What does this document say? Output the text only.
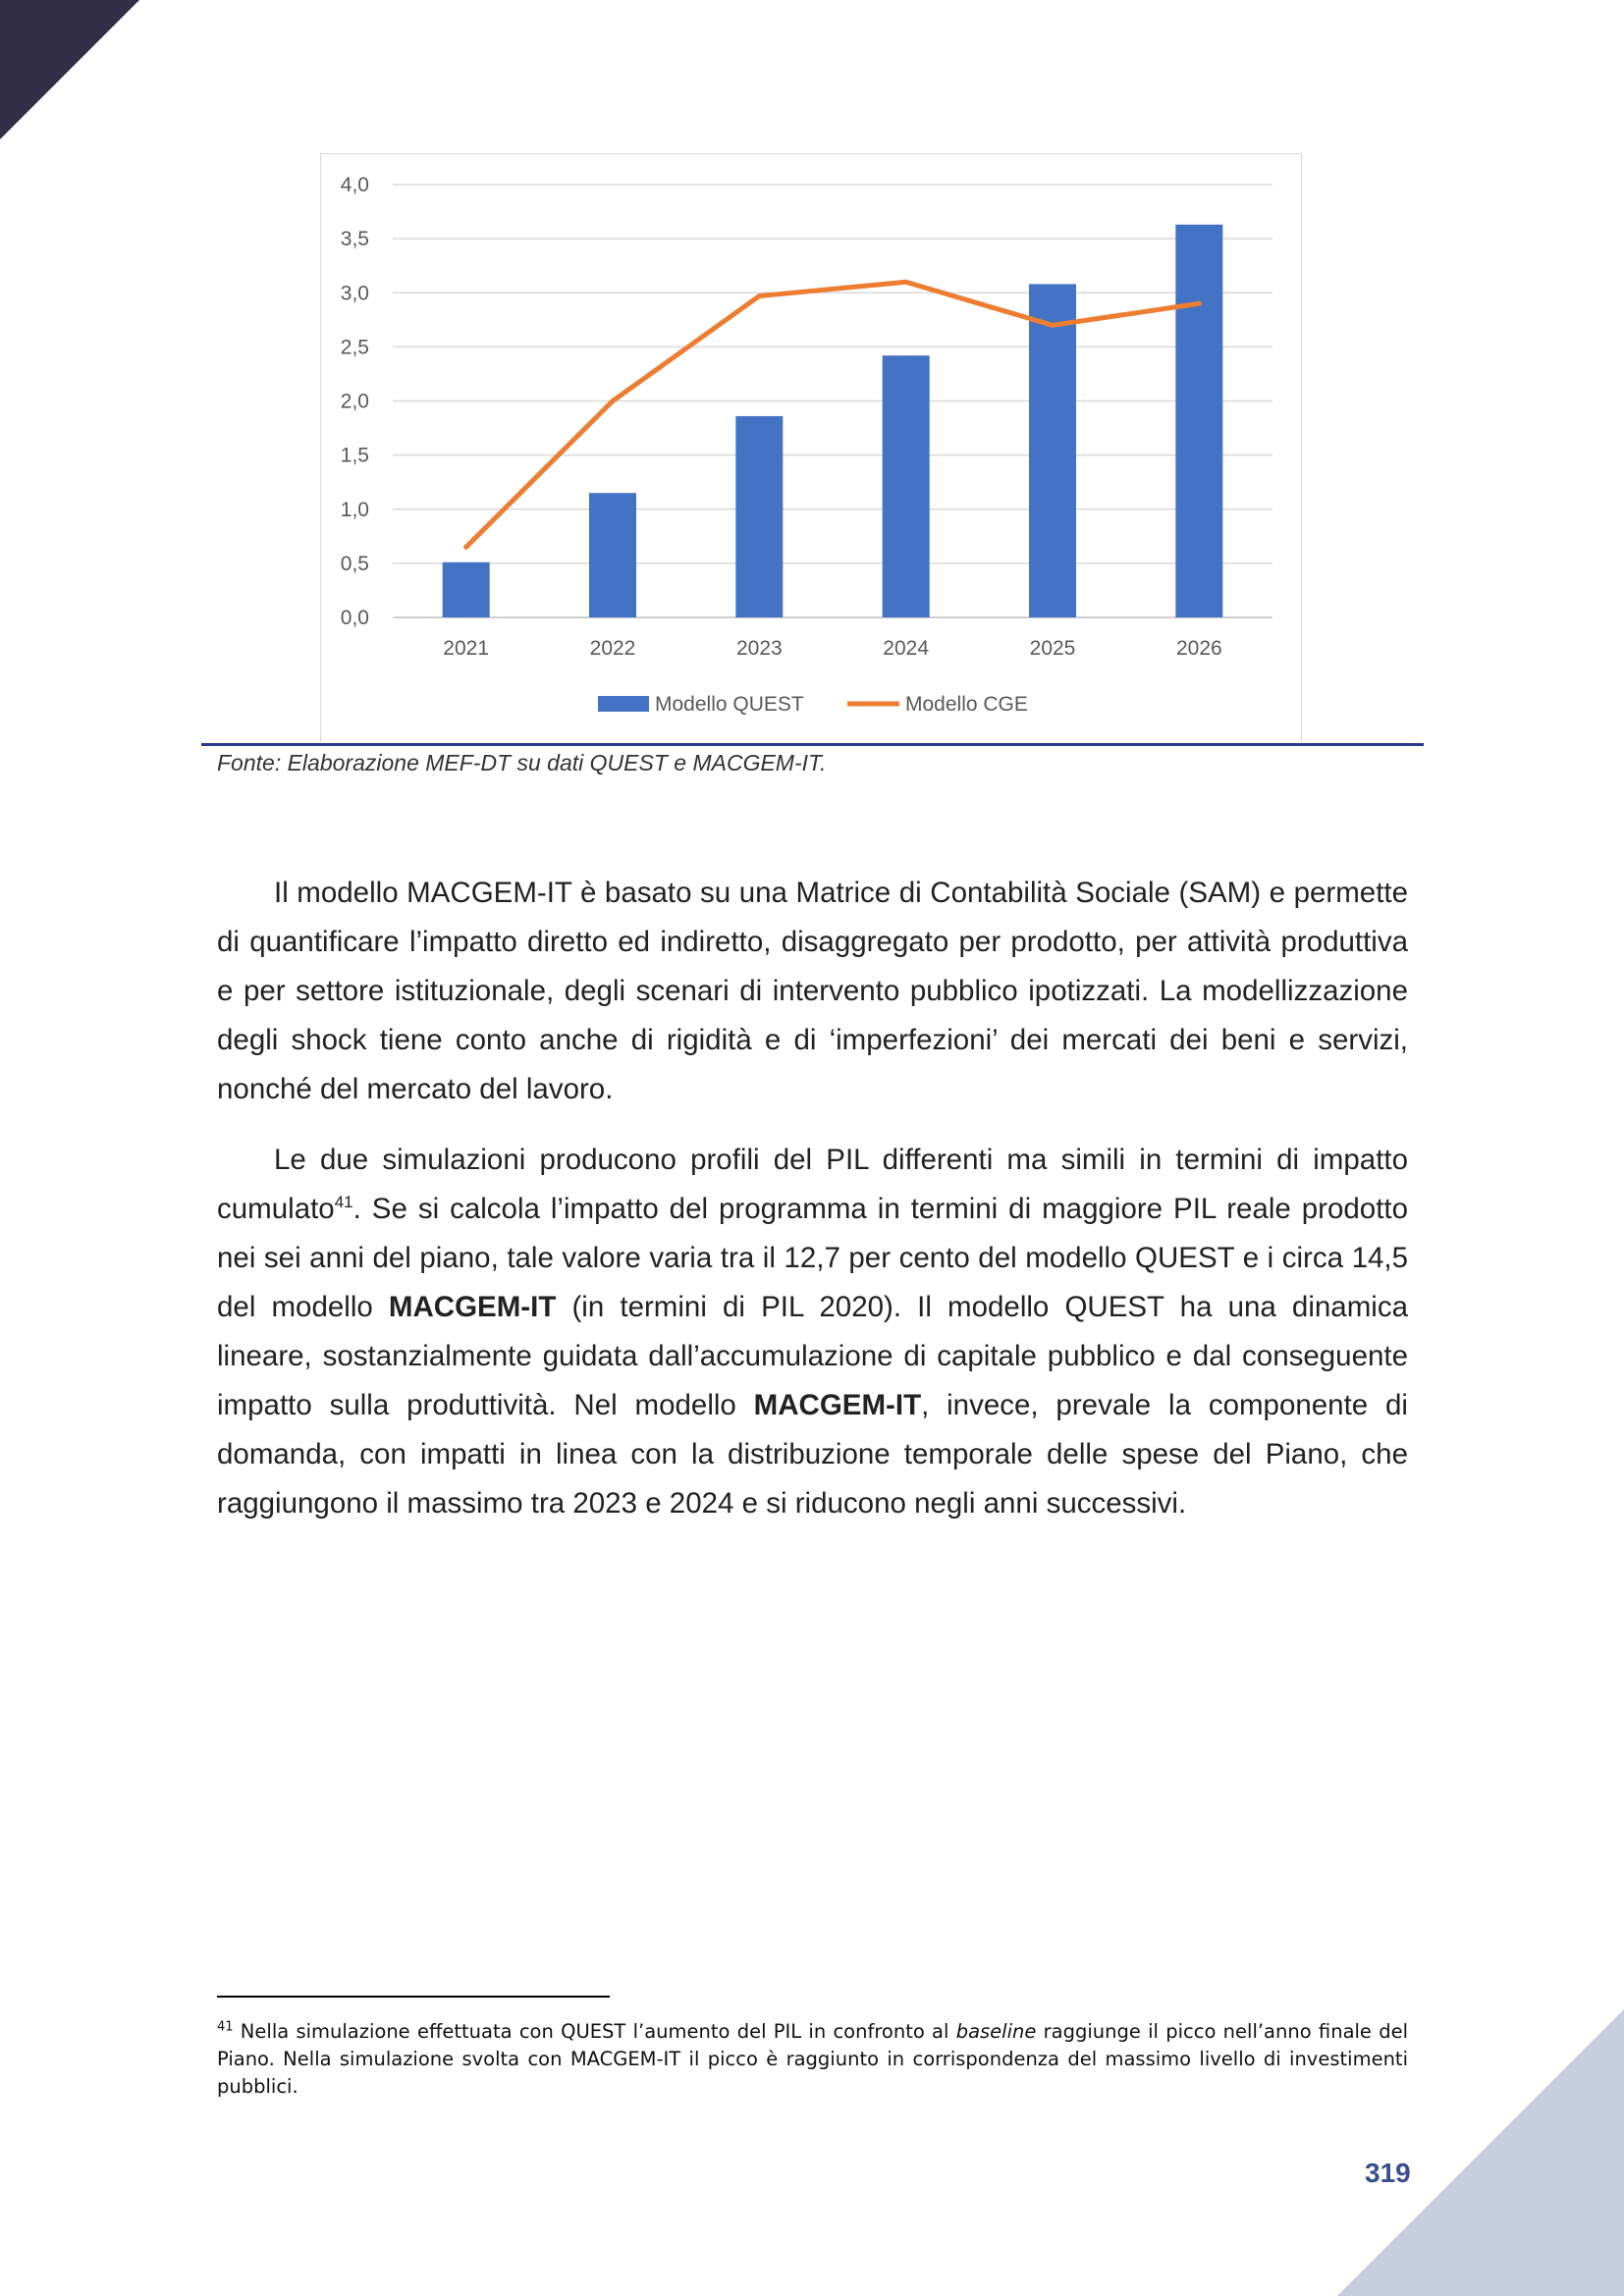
0,0
0,5
1,0
1,5
2,0
2,5
3,0
3,5
4,0
2021	2022	2023	2024	2025	2026
Modello QUEST	Modello CGE
Fonte: Elaborazione MEF-DT su dati QUEST e MACGEM-IT.

Il modello MACGEM-IT è basato su una Matrice di Contabilità Sociale (SAM) e permette di quantificare l’impatto diretto ed indiretto, disaggregato per prodotto, per attività produttiva e per settore istituzionale, degli scenari di intervento pubblico ipotizzati. La modellizzazione degli shock tiene conto anche di rigidità e di ‘imperfezioni’ dei mercati dei beni e servizi, nonché del mercato del lavoro.

Le due simulazioni producono profili del PIL differenti ma simili in termini di impatto cumulato$^{41}$. Se si calcola l’impatto del programma in termini di maggiore PIL reale prodotto nei sei anni del piano, tale valore varia tra il 12,7 per cento del modello QUEST e i circa 14,5 del modello MACGEM-IT (in termini di PIL 2020). Il modello QUEST ha una dinamica lineare, sostanzialmente guidata dall’accumulazione di capitale pubblico e dal conseguente impatto sulla produttività. Nel modello MACGEM-IT, invece, prevale la componente di domanda, con impatti in linea con la distribuzione temporale delle spese del Piano, che raggiungono il massimo tra 2023 e 2024 e si riducono negli anni successivi.

$^{41}$ Nella simulazione effettuata con QUEST l’aumento del PIL in confronto al baseline raggiunge il picco nell’anno finale del Piano. Nella simulazione svolta con MACGEM-IT il picco è raggiunto in corrispondenza del massimo livello di investimenti pubblici.
319
